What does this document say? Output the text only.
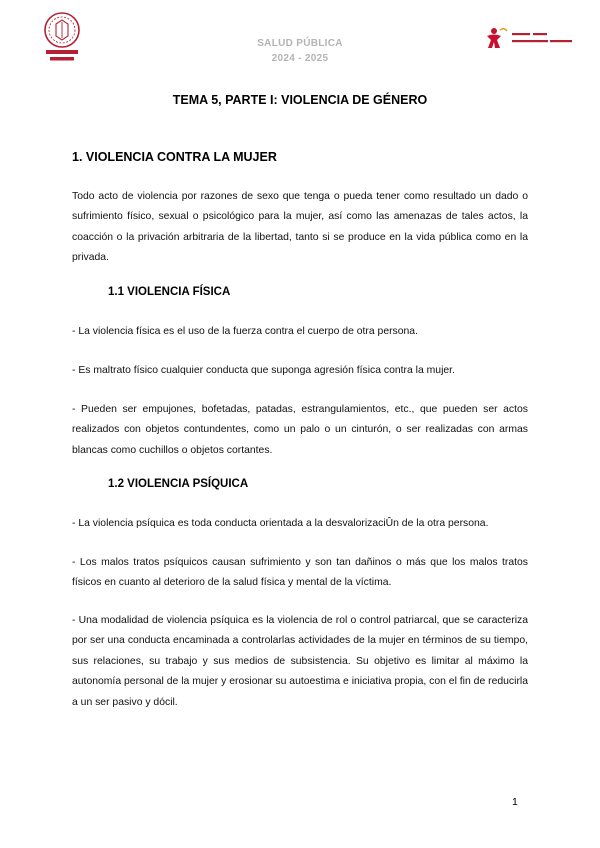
SALUD PÚBLICA
2024 - 2025
TEMA 5, PARTE I: VIOLENCIA DE GÉNERO
1. VIOLENCIA CONTRA LA MUJER

Todo acto de violencia por razones de sexo que tenga o pueda tener como resultado un dado o sufrimiento físico, sexual o psicológico para la mujer, así como las amenazas de tales actos, la coacción o la privación arbitraria de la libertad, tanto si se produce en la vida pública como en la privada.

1.1 VIOLENCIA FÍSICA

- La violencia física es el uso de la fuerza contra el cuerpo de otra persona.

- Es maltrato físico cualquier conducta que suponga agresión física contra la mujer.

- Pueden ser empujones, bofetadas, patadas, estrangulamientos, etc., que pueden ser actos realizados con objetos contundentes, como un palo o un cinturón, o ser realizadas con armas blancas como cuchillos o objetos cortantes.

1.2 VIOLENCIA PSÍQUICA

- La violencia psíquica es toda conducta orientada a la desvalorizaciÛn de la otra persona.

- Los malos tratos psíquicos causan sufrimiento y son tan dañinos o más que los malos tratos físicos en cuanto al deterioro de la salud física y mental de la víctima.

- Una modalidad de violencia psíquica es la violencia de rol o control patriarcal, que se caracteriza por ser una conducta encaminada a controlarlas actividades de la mujer en términos de su tiempo, sus relaciones, su trabajo y sus medios de subsistencia. Su objetivo es limitar al máximo la autonomía personal de la mujer y erosionar su autoestima e iniciativa propia, con el fin de reducirla a un ser pasivo y dócil.

1
